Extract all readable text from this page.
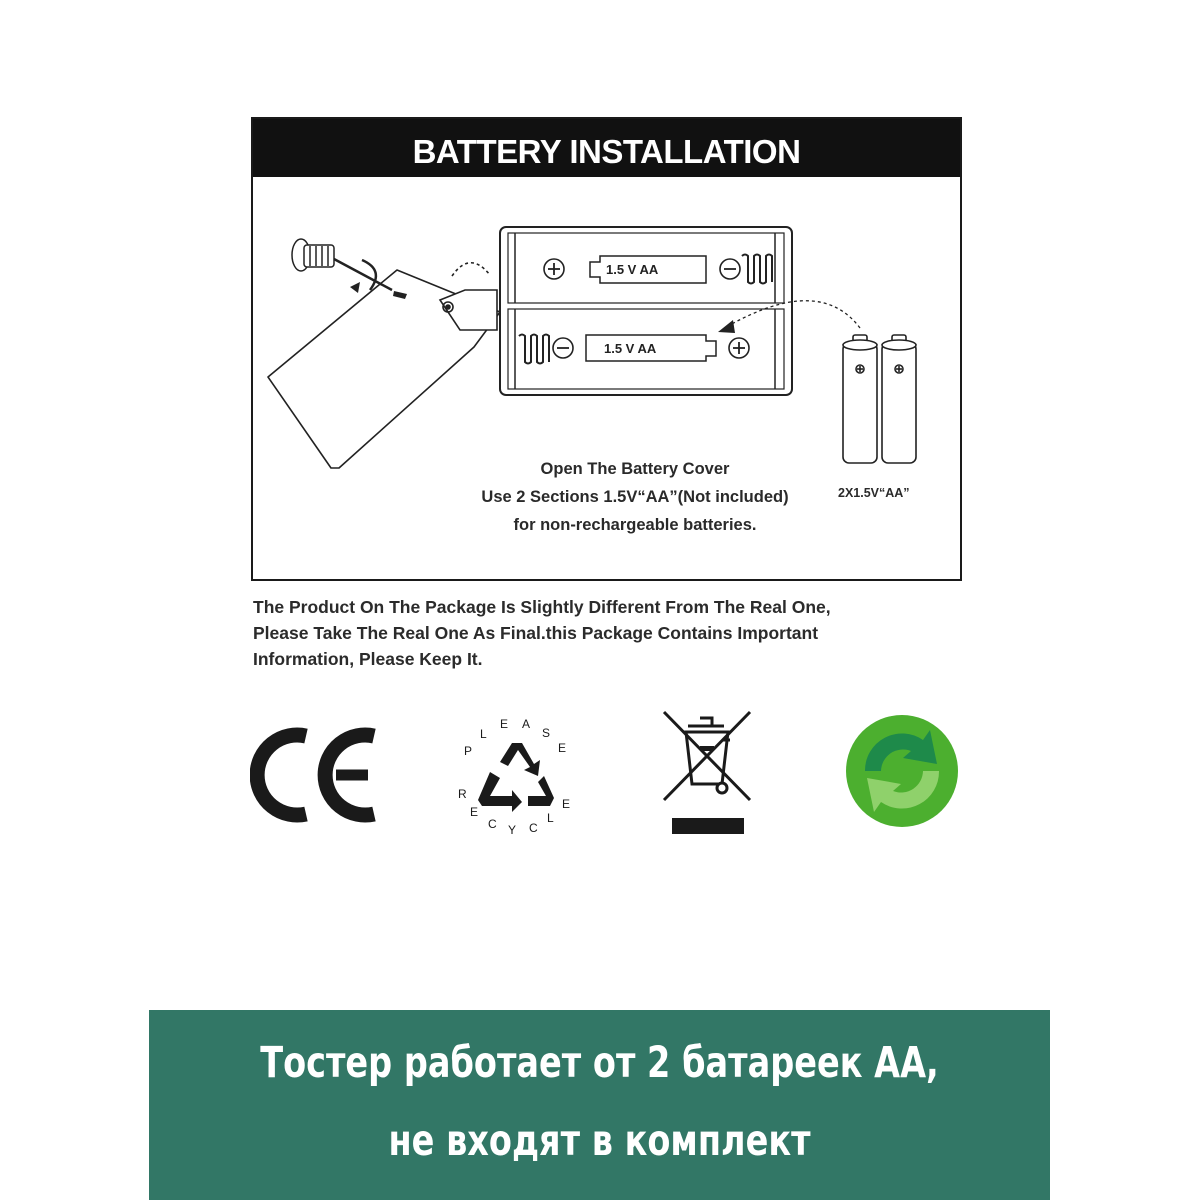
BATTERY INSTALLATION
1.5 V AA
1.5 V AA
Open The Battery Cover
Use 2 Sections 1.5V“AA”(Not included)
for non-rechargeable batteries.
2X1.5V“AA”
The Product On The Package Is Slightly Different From The Real One,
Please Take The Real One As Final.this Package Contains Important
Information, Please Keep It.
P
L
E A
S
E
R
E
C Y C
L
E
Тостер работает от 2 батареек АА,
не входят в комплект
